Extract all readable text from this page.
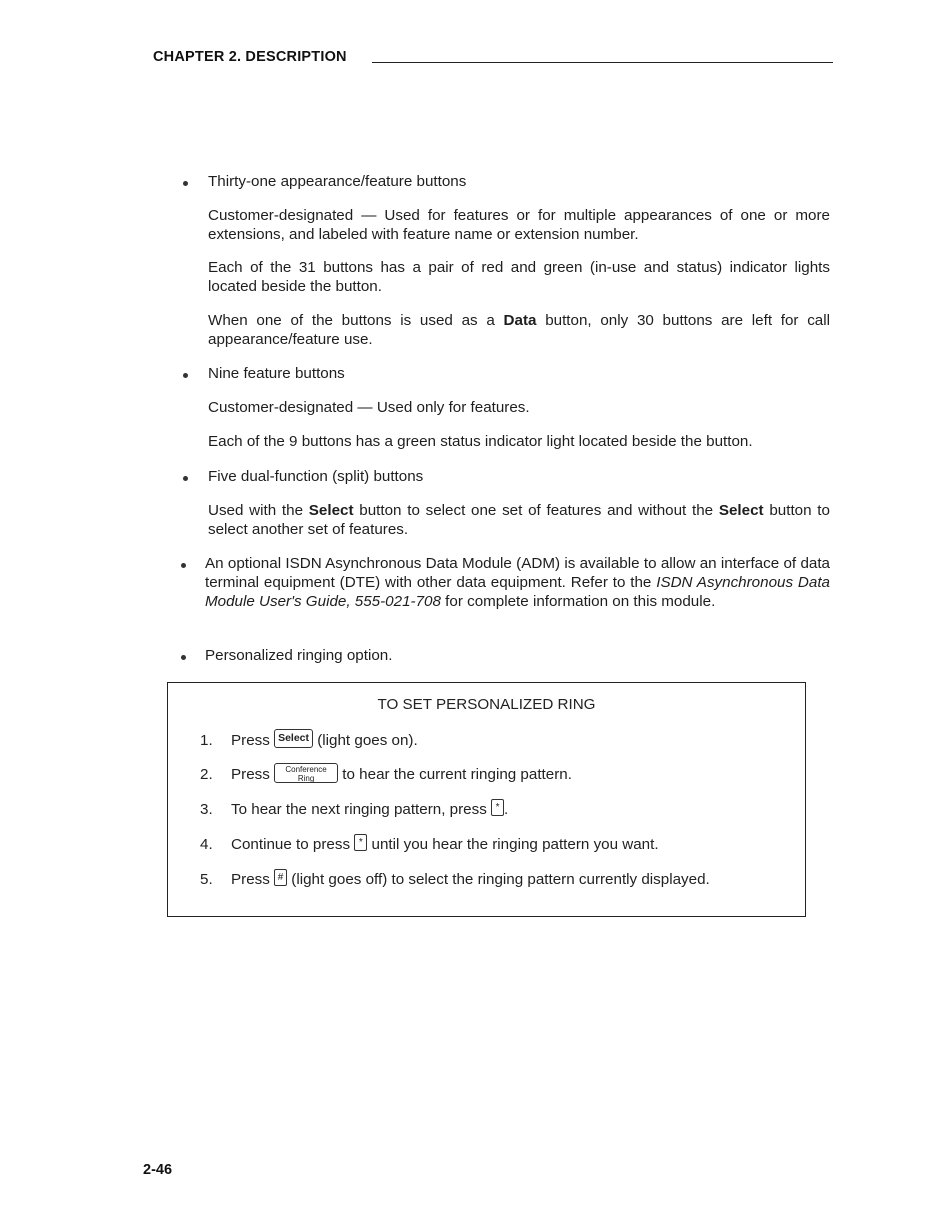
CHAPTER 2. DESCRIPTION
Thirty-one appearance/feature buttons
Customer-designated — Used for features or for multiple appearances of one or more extensions, and labeled with feature name or extension number.
Each of the 31 buttons has a pair of red and green (in-use and status) indicator lights located beside the button.
When one of the buttons is used as a Data button, only 30 buttons are left for call appearance/feature use.
Nine feature buttons
Customer-designated — Used only for features.
Each of the 9 buttons has a green status indicator light located beside the button.
Five dual-function (split) buttons
Used with the Select button to select one set of features and without the Select button to select another set of features.
An optional ISDN Asynchronous Data Module (ADM) is available to allow an interface of data terminal equipment (DTE) with other data equipment. Refer to the ISDN Asynchronous Data Module User's Guide, 555-021-708 for complete information on this module.
Personalized ringing option.
TO SET PERSONALIZED RING
1.	Press Select (light goes on).
2.	Press Conference
Ring to hear the current ringing pattern.
3.	To hear the next ringing pattern, press * .
4.	Continue to press * until you hear the ringing pattern you want.
5.	Press # (light goes off) to select the ringing pattern currently displayed.
2-46
